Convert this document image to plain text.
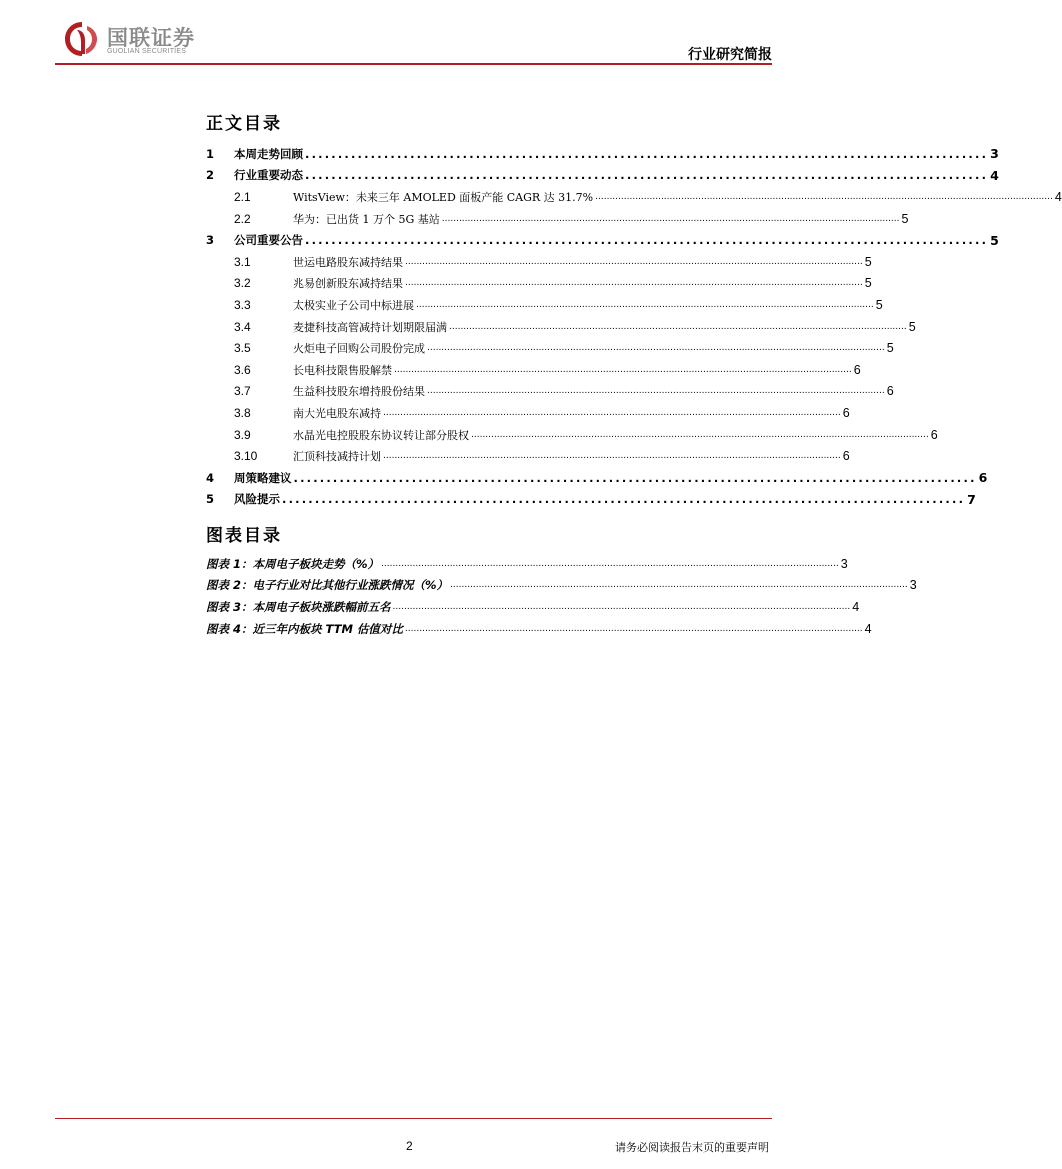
国联证券
GUOLIAN SECURITIES	行业研究简报
正文目录
1	本周走势回顾 ........................................................................................................ 3
2	行业重要动态 ........................................................................................................ 4
2.1	WitsView：未来三年 AMOLED 面板产能 CAGR 达 31.7% ................................................................................................................................................................ 4
2.2	华为：已出货 1 万个 5G 基站 ................................................................................................................................................................ 5
3	公司重要公告 ........................................................................................................ 5
3.1	世运电路股东减持结果 ................................................................................................................................................................ 5
3.2	兆易创新股东减持结果 ................................................................................................................................................................ 5
3.3	太极实业子公司中标进展 ................................................................................................................................................................ 5
3.4	麦捷科技高管减持计划期限届满 ................................................................................................................................................................ 5
3.5	火炬电子回购公司股份完成 ................................................................................................................................................................ 5
3.6	长电科技限售股解禁 ................................................................................................................................................................ 6
3.7	生益科技股东增持股份结果 ................................................................................................................................................................ 6
3.8	南大光电股东减持 ................................................................................................................................................................ 6
3.9	水晶光电控股股东协议转让部分股权 ................................................................................................................................................................ 6
3.10	汇顶科技减持计划 ................................................................................................................................................................ 6
4	周策略建议 ........................................................................................................ 6
5	风险提示 ........................................................................................................ 7
图表目录
图表 1：本周电子板块走势（%） ................................................................................................................................................................ 3
图表 2：电子行业对比其他行业涨跌情况（%） ................................................................................................................................................................ 3
图表 3：本周电子板块涨跌幅前五名 ................................................................................................................................................................ 4
图表 4：近三年内板块 TTM 估值对比 ................................................................................................................................................................ 4
2	请务必阅读报告末页的重要声明
